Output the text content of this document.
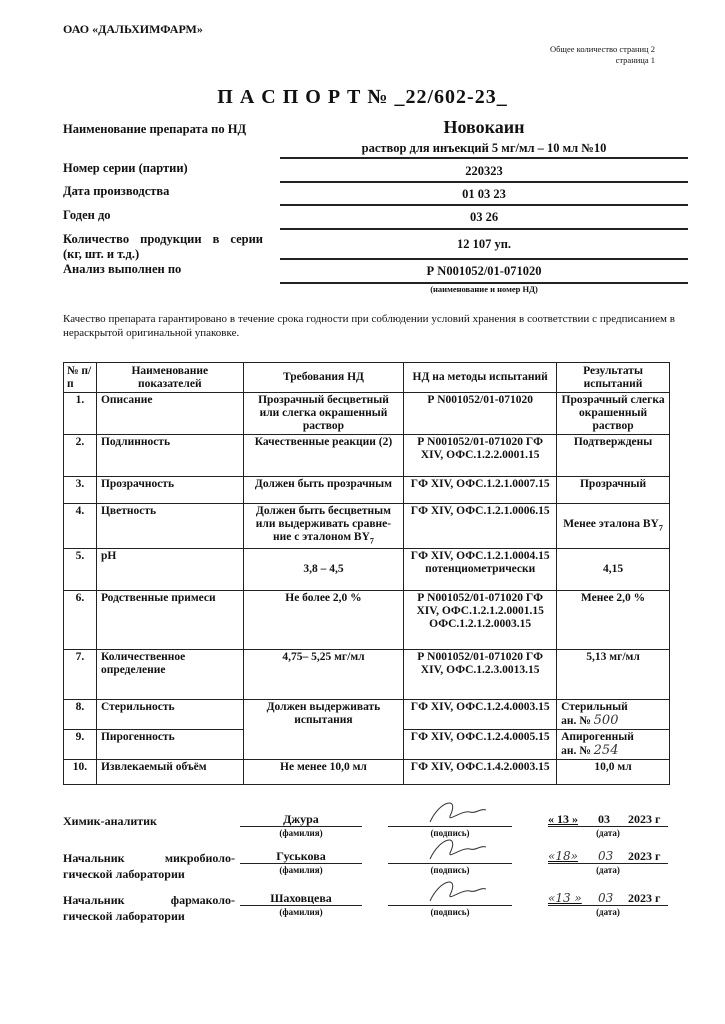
ОАО «ДАЛЬХИМФАРМ»
Общее количество страниц 2
страница 1
П А С П О Р Т № _22/602-23_
Наименование препарата по НД	Новокаин
раствор для инъекций 5 мг/мл – 10 мл №10
Номер серии (партии)	220323
Дата производства	01 03 23
Годен до	03 26
Количество продукции в серии
(кг, шт. и т.д.)
12 107 уп.
Анализ выполнен по	Р N001052/01-071020
(наименование и номер НД)
Качество препарата гарантировано в течение срока годности при соблюдении условий хранения в соответствии с предписанием в нераскрытой оригинальной упаковке.
№ п/п	Наименование показателей	Требования НД	НД на методы испытаний	Результаты испытаний
1.	Описание	Прозрачный бесцветный или слегка окрашенный раствор	Р N001052/01-071020	Прозрачный слегка окрашенный раствор
2.	Подлинность	Качественные реакции (2)	Р N001052/01-071020 ГФ XIV, ОФС.1.2.2.0001.15	Подтверждены
3.	Прозрачность	Должен быть прозрачным	ГФ XIV, ОФС.1.2.1.0007.15	Прозрачный
4.	Цветность	Должен быть бесцветным или выдерживать сравне-ние с эталоном $BY_7$	ГФ XIV, ОФС.1.2.1.0006.15	Менее эталона $BY_7$
5.	pH	3,8 – 4,5	ГФ XIV, ОФС.1.2.1.0004.15 потенциометрически	4,15
6.	Родственные примеси	Не более 2,0 %	Р N001052/01-071020 ГФ XIV, ОФС.1.2.1.2.0001.15 ОФС.1.2.1.2.0003.15	Менее 2,0 %
7.	Количественное определение	4,75– 5,25 мг/мл	Р N001052/01-071020 ГФ XIV, ОФС.1.2.3.0013.15	5,13 мг/мл
8.	Стерильность	Должен выдерживать испытания	ГФ XIV, ОФС.1.2.4.0003.15	Стерильный
ан. № 500

9.	Пирогенность		ГФ XIV, ОФС.1.2.4.0005.15	Апирогенный
ан. № 254

10.	Извлекаемый объём	Не менее 10,0 мл	ГФ XIV, ОФС.1.4.2.0003.15	10,0 мл
Химик-аналитик	Джура
(фамилия)	(подпись)
« 13 » 03 2023 г
(дата)
Начальник микробиоло-
гической лаборатории
Гуськова
(фамилия)	(подпись)
«18» 03 2023 г
(дата)
Начальник фармаколо-
гической лаборатории
Шаховцева
(фамилия)	(подпись)
«13 » 03 2023 г
(дата)
